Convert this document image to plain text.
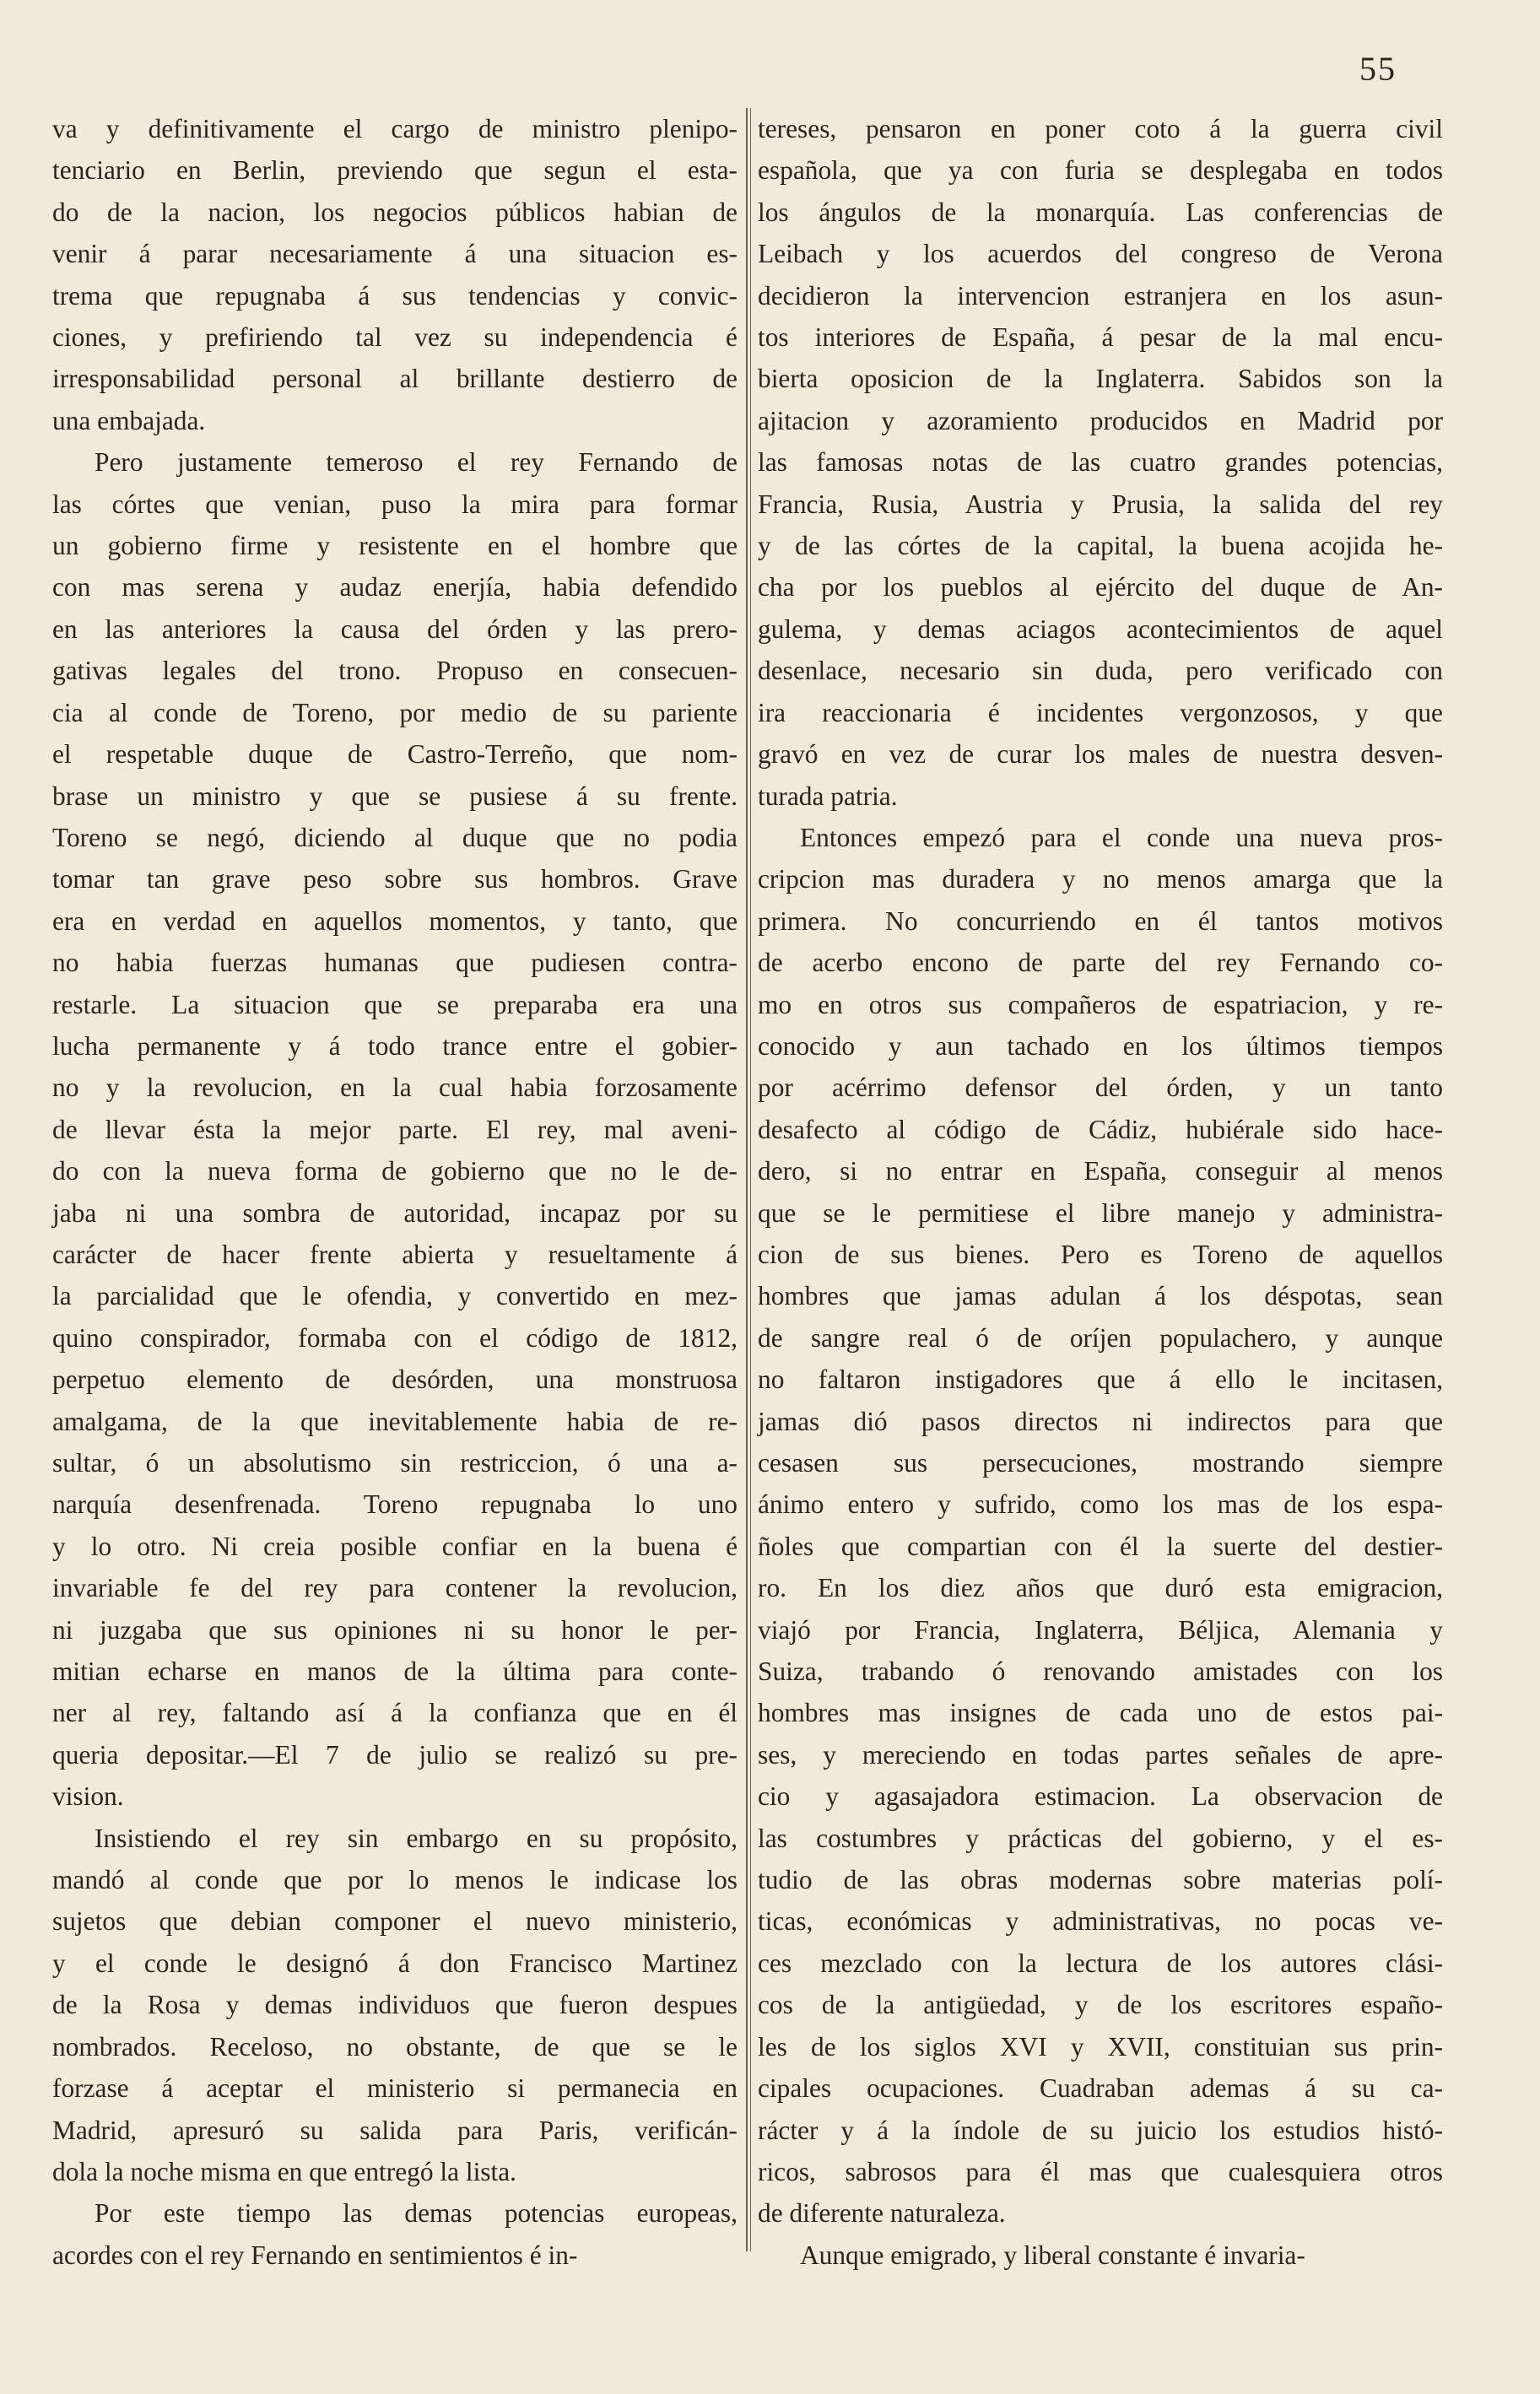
55
va y definitivamente el cargo de ministro plenipo-
tenciario en Berlin, previendo que segun el esta-
do de la nacion, los negocios públicos habian de
venir á parar necesariamente á una situacion es-
trema que repugnaba á sus tendencias y convic-
ciones, y prefiriendo tal vez su independencia é
irresponsabilidad personal al brillante destierro de
una embajada.
Pero justamente temeroso el rey Fernando de
las córtes que venian, puso la mira para formar
un gobierno firme y resistente en el hombre que
con mas serena y audaz enerjía, habia defendido
en las anteriores la causa del órden y las prero-
gativas legales del trono. Propuso en consecuen-
cia al conde de Toreno, por medio de su pariente
el respetable duque de Castro-Terreño, que nom-
brase un ministro y que se pusiese á su frente.
Toreno se negó, diciendo al duque que no podia
tomar tan grave peso sobre sus hombros. Grave
era en verdad en aquellos momentos, y tanto, que
no habia fuerzas humanas que pudiesen contra-
restarle. La situacion que se preparaba era una
lucha permanente y á todo trance entre el gobier-
no y la revolucion, en la cual habia forzosamente
de llevar ésta la mejor parte. El rey, mal aveni-
do con la nueva forma de gobierno que no le de-
jaba ni una sombra de autoridad, incapaz por su
carácter de hacer frente abierta y resueltamente á
la parcialidad que le ofendia, y convertido en mez-
quino conspirador, formaba con el código de 1812,
perpetuo elemento de desórden, una monstruosa
amalgama, de la que inevitablemente habia de re-
sultar, ó un absolutismo sin restriccion, ó una a-
narquía desenfrenada. Toreno repugnaba lo uno
y lo otro. Ni creia posible confiar en la buena é
invariable fe del rey para contener la revolucion,
ni juzgaba que sus opiniones ni su honor le per-
mitian echarse en manos de la última para conte-
ner al rey, faltando así á la confianza que en él
queria depositar.—El 7 de julio se realizó su pre-
vision.
Insistiendo el rey sin embargo en su propósito,
mandó al conde que por lo menos le indicase los
sujetos que debian componer el nuevo ministerio,
y el conde le designó á don Francisco Martinez
de la Rosa y demas individuos que fueron despues
nombrados. Receloso, no obstante, de que se le
forzase á aceptar el ministerio si permanecia en
Madrid, apresuró su salida para Paris, verificán-
dola la noche misma en que entregó la lista.
Por este tiempo las demas potencias europeas,
acordes con el rey Fernando en sentimientos é in-
tereses, pensaron en poner coto á la guerra civil
española, que ya con furia se desplegaba en todos
los ángulos de la monarquía. Las conferencias de
Leibach y los acuerdos del congreso de Verona
decidieron la intervencion estranjera en los asun-
tos interiores de España, á pesar de la mal encu-
bierta oposicion de la Inglaterra. Sabidos son la
ajitacion y azoramiento producidos en Madrid por
las famosas notas de las cuatro grandes potencias,
Francia, Rusia, Austria y Prusia, la salida del rey
y de las córtes de la capital, la buena acojida he-
cha por los pueblos al ejército del duque de An-
gulema, y demas aciagos acontecimientos de aquel
desenlace, necesario sin duda, pero verificado con
ira reaccionaria é incidentes vergonzosos, y que
gravó en vez de curar los males de nuestra desven-
turada patria.
Entonces empezó para el conde una nueva pros-
cripcion mas duradera y no menos amarga que la
primera. No concurriendo en él tantos motivos
de acerbo encono de parte del rey Fernando co-
mo en otros sus compañeros de espatriacion, y re-
conocido y aun tachado en los últimos tiempos
por acérrimo defensor del órden, y un tanto
desafecto al código de Cádiz, hubiérale sido hace-
dero, si no entrar en España, conseguir al menos
que se le permitiese el libre manejo y administra-
cion de sus bienes. Pero es Toreno de aquellos
hombres que jamas adulan á los déspotas, sean
de sangre real ó de oríjen populachero, y aunque
no faltaron instigadores que á ello le incitasen,
jamas dió pasos directos ni indirectos para que
cesasen sus persecuciones, mostrando siempre
ánimo entero y sufrido, como los mas de los espa-
ñoles que compartian con él la suerte del destier-
ro. En los diez años que duró esta emigracion,
viajó por Francia, Inglaterra, Béljica, Alemania y
Suiza, trabando ó renovando amistades con los
hombres mas insignes de cada uno de estos pai-
ses, y mereciendo en todas partes señales de apre-
cio y agasajadora estimacion. La observacion de
las costumbres y prácticas del gobierno, y el es-
tudio de las obras modernas sobre materias polí-
ticas, económicas y administrativas, no pocas ve-
ces mezclado con la lectura de los autores clási-
cos de la antigüedad, y de los escritores españo-
les de los siglos XVI y XVII, constituian sus prin-
cipales ocupaciones. Cuadraban ademas á su ca-
rácter y á la índole de su juicio los estudios histó-
ricos, sabrosos para él mas que cualesquiera otros
de diferente naturaleza.
Aunque emigrado, y liberal constante é invaria-
